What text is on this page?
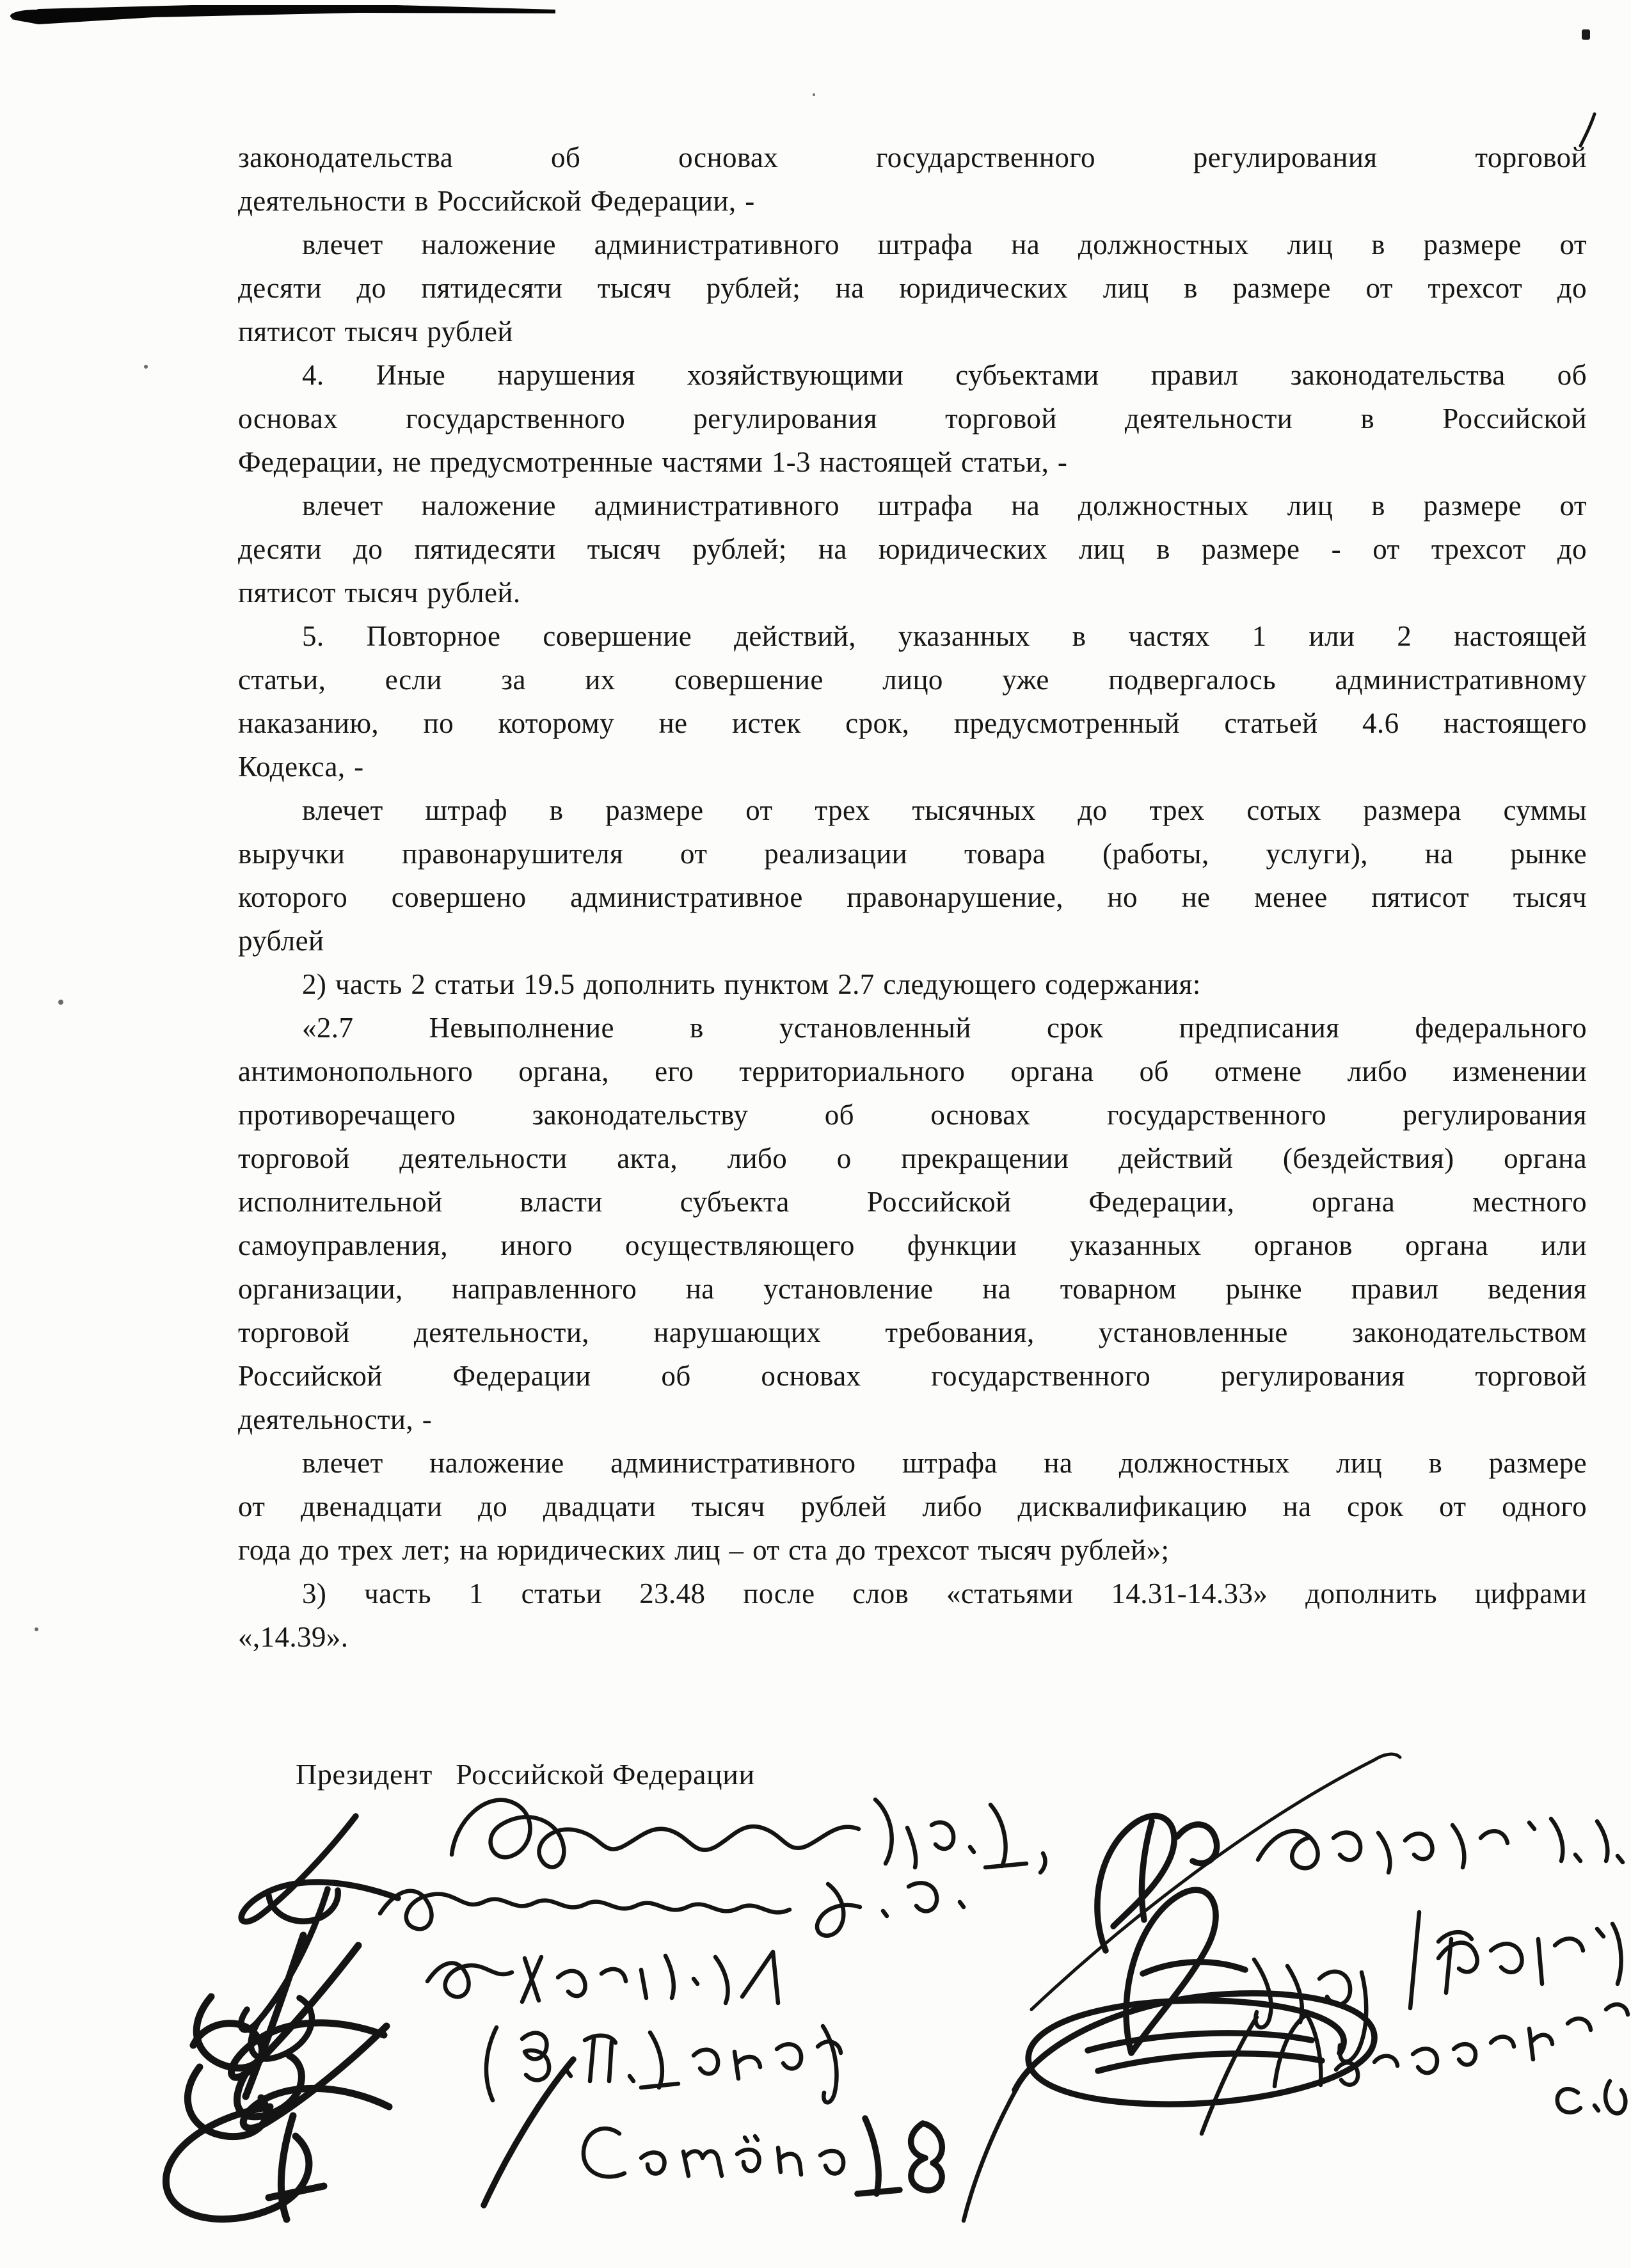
законодательства об основах государственного регулирования торговой
деятельности в Российской Федерации, -
влечет наложение административного штрафа на должностных лиц в размере от
десяти до пятидесяти тысяч рублей; на юридических лиц в размере от трехсот до
пятисот тысяч рублей
4. Иные нарушения хозяйствующими субъектами правил законодательства об
основах государственного регулирования торговой деятельности в Российской
Федерации, не предусмотренные частями 1-3 настоящей статьи, -
влечет наложение административного штрафа на должностных лиц в размере от
десяти до пятидесяти тысяч рублей; на юридических лиц в размере - от трехсот до
пятисот тысяч рублей.
5. Повторное совершение действий, указанных в частях 1 или 2 настоящей
статьи, если за их совершение лицо уже подвергалось административному
наказанию, по которому не истек срок, предусмотренный статьей 4.6 настоящего
Кодекса, -
влечет штраф в размере от трех тысячных до трех сотых размера суммы
выручки правонарушителя от реализации товара (работы, услуги), на рынке
которого совершено административное правонарушение, но не менее пятисот тысяч
рублей
2) часть 2 статьи 19.5 дополнить пунктом 2.7 следующего содержания:
«2.7 Невыполнение в установленный срок предписания федерального
антимонопольного органа, его территориального органа об отмене либо изменении
противоречащего законодательству об основах государственного регулирования
торговой деятельности акта, либо о прекращении действий (бездействия) органа
исполнительной власти субъекта Российской Федерации, органа местного
самоуправления, иного осуществляющего функции указанных органов органа или
организации, направленного на установление на товарном рынке правил ведения
торговой деятельности, нарушающих требования, установленные законодательством
Российской Федерации об основах государственного регулирования торговой
деятельности, -
влечет наложение административного штрафа на должностных лиц в размере
от двенадцати до двадцати тысяч рублей либо дисквалификацию на срок от одного
года до трех лет; на юридических лиц – от ста до трехсот тысяч рублей»;
3) часть 1 статьи 23.48 после слов «статьями 14.31-14.33» дополнить цифрами
«,14.39».
Президент   Российской Федерации
